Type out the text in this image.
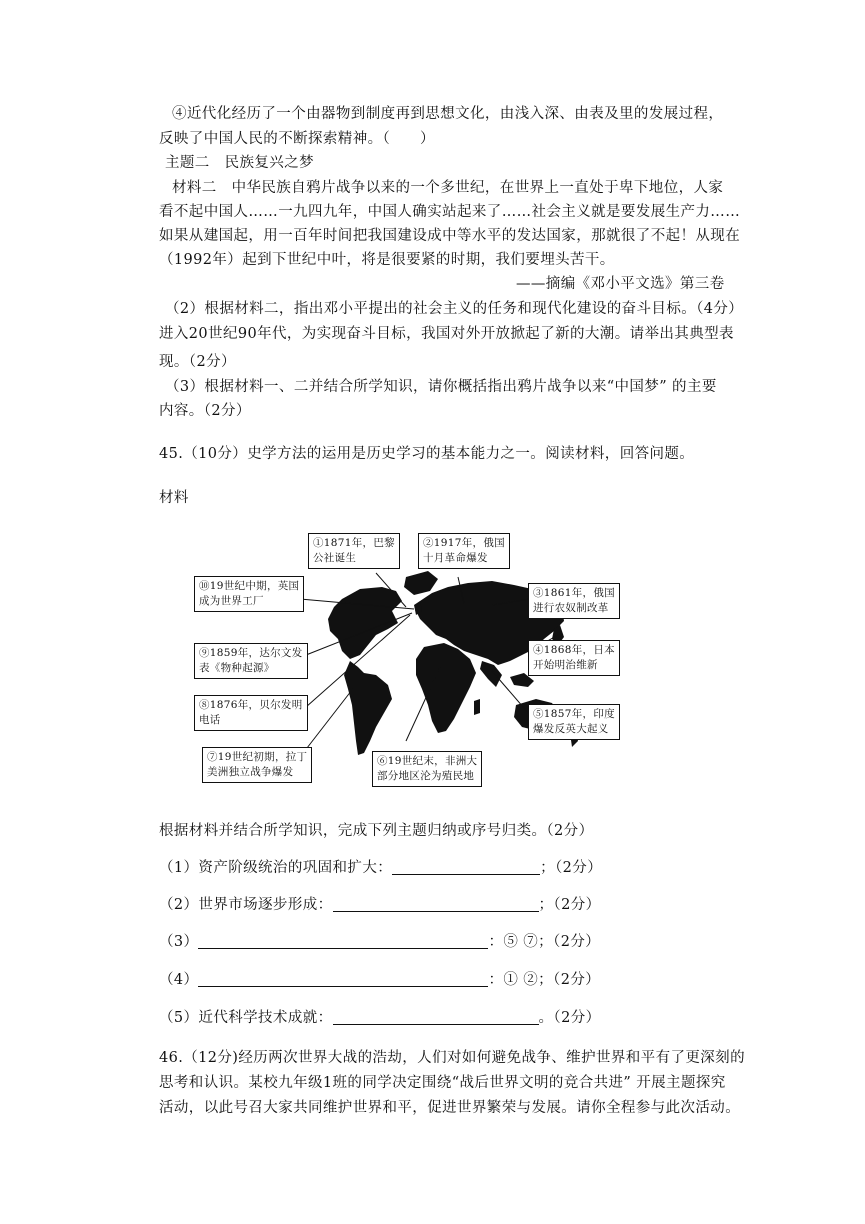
④近代化经历了一个由器物到制度再到思想文化，由浅入深、由表及里的发展过程，
反映了中国人民的不断探索精神。（　　）
主题二　民族复兴之梦
材料二　中华民族自鸦片战争以来的一个多世纪，在世界上一直处于卑下地位，人家
看不起中国人……一九四九年，中国人确实站起来了……社会主义就是要发展生产力……
如果从建国起，用一百年时间把我国建设成中等水平的发达国家，那就很了不起！从现在
（1992年）起到下世纪中叶，将是很要紧的时期，我们要埋头苦干。
——摘编《邓小平文选》第三卷
（2）根据材料二，指出邓小平提出的社会主义的任务和现代化建设的奋斗目标。（4分）
进入20世纪90年代，为实现奋斗目标，我国对外开放掀起了新的大潮。请举出其典型表
现。（2分）
（3）根据材料一、二并结合所学知识，请你概括指出鸦片战争以来“中国梦” 的主要
内容。（2分）
45.（10分）史学方法的运用是历史学习的基本能力之一。阅读材料，回答问题。
材料
①1871年，巴黎
公社诞生
②1917年，俄国
十月革命爆发
③1861年，俄国
进行农奴制改革
④1868年，日本
开始明治维新
⑤1857年，印度
爆发反英大起义
⑥19世纪末，非洲大
部分地区沦为殖民地
⑦19世纪初期，拉丁
美洲独立战争爆发
⑧1876年，贝尔发明
电话
⑨1859年，达尔文发
表《物种起源》
⑩19世纪中期，英国
成为世界工厂
根据材料并结合所学知识，完成下列主题归纳或序号归类。（2分）
（1）资产阶级统治的巩固和扩大：	；（2分）
（2）世界市场逐步形成：	；（2分）
（3）	：⑤ ⑦；（2分）
（4）	：① ②；（2分）
（5）近代科学技术成就：	。（2分）
46.（12分)经历两次世界大战的浩劫，人们对如何避免战争、维护世界和平有了更深刻的
思考和认识。某校九年级1班的同学决定围绕“战后世界文明的竞合共进” 开展主题探究
活动，以此号召大家共同维护世界和平，促进世界繁荣与发展。请你全程参与此次活动。
